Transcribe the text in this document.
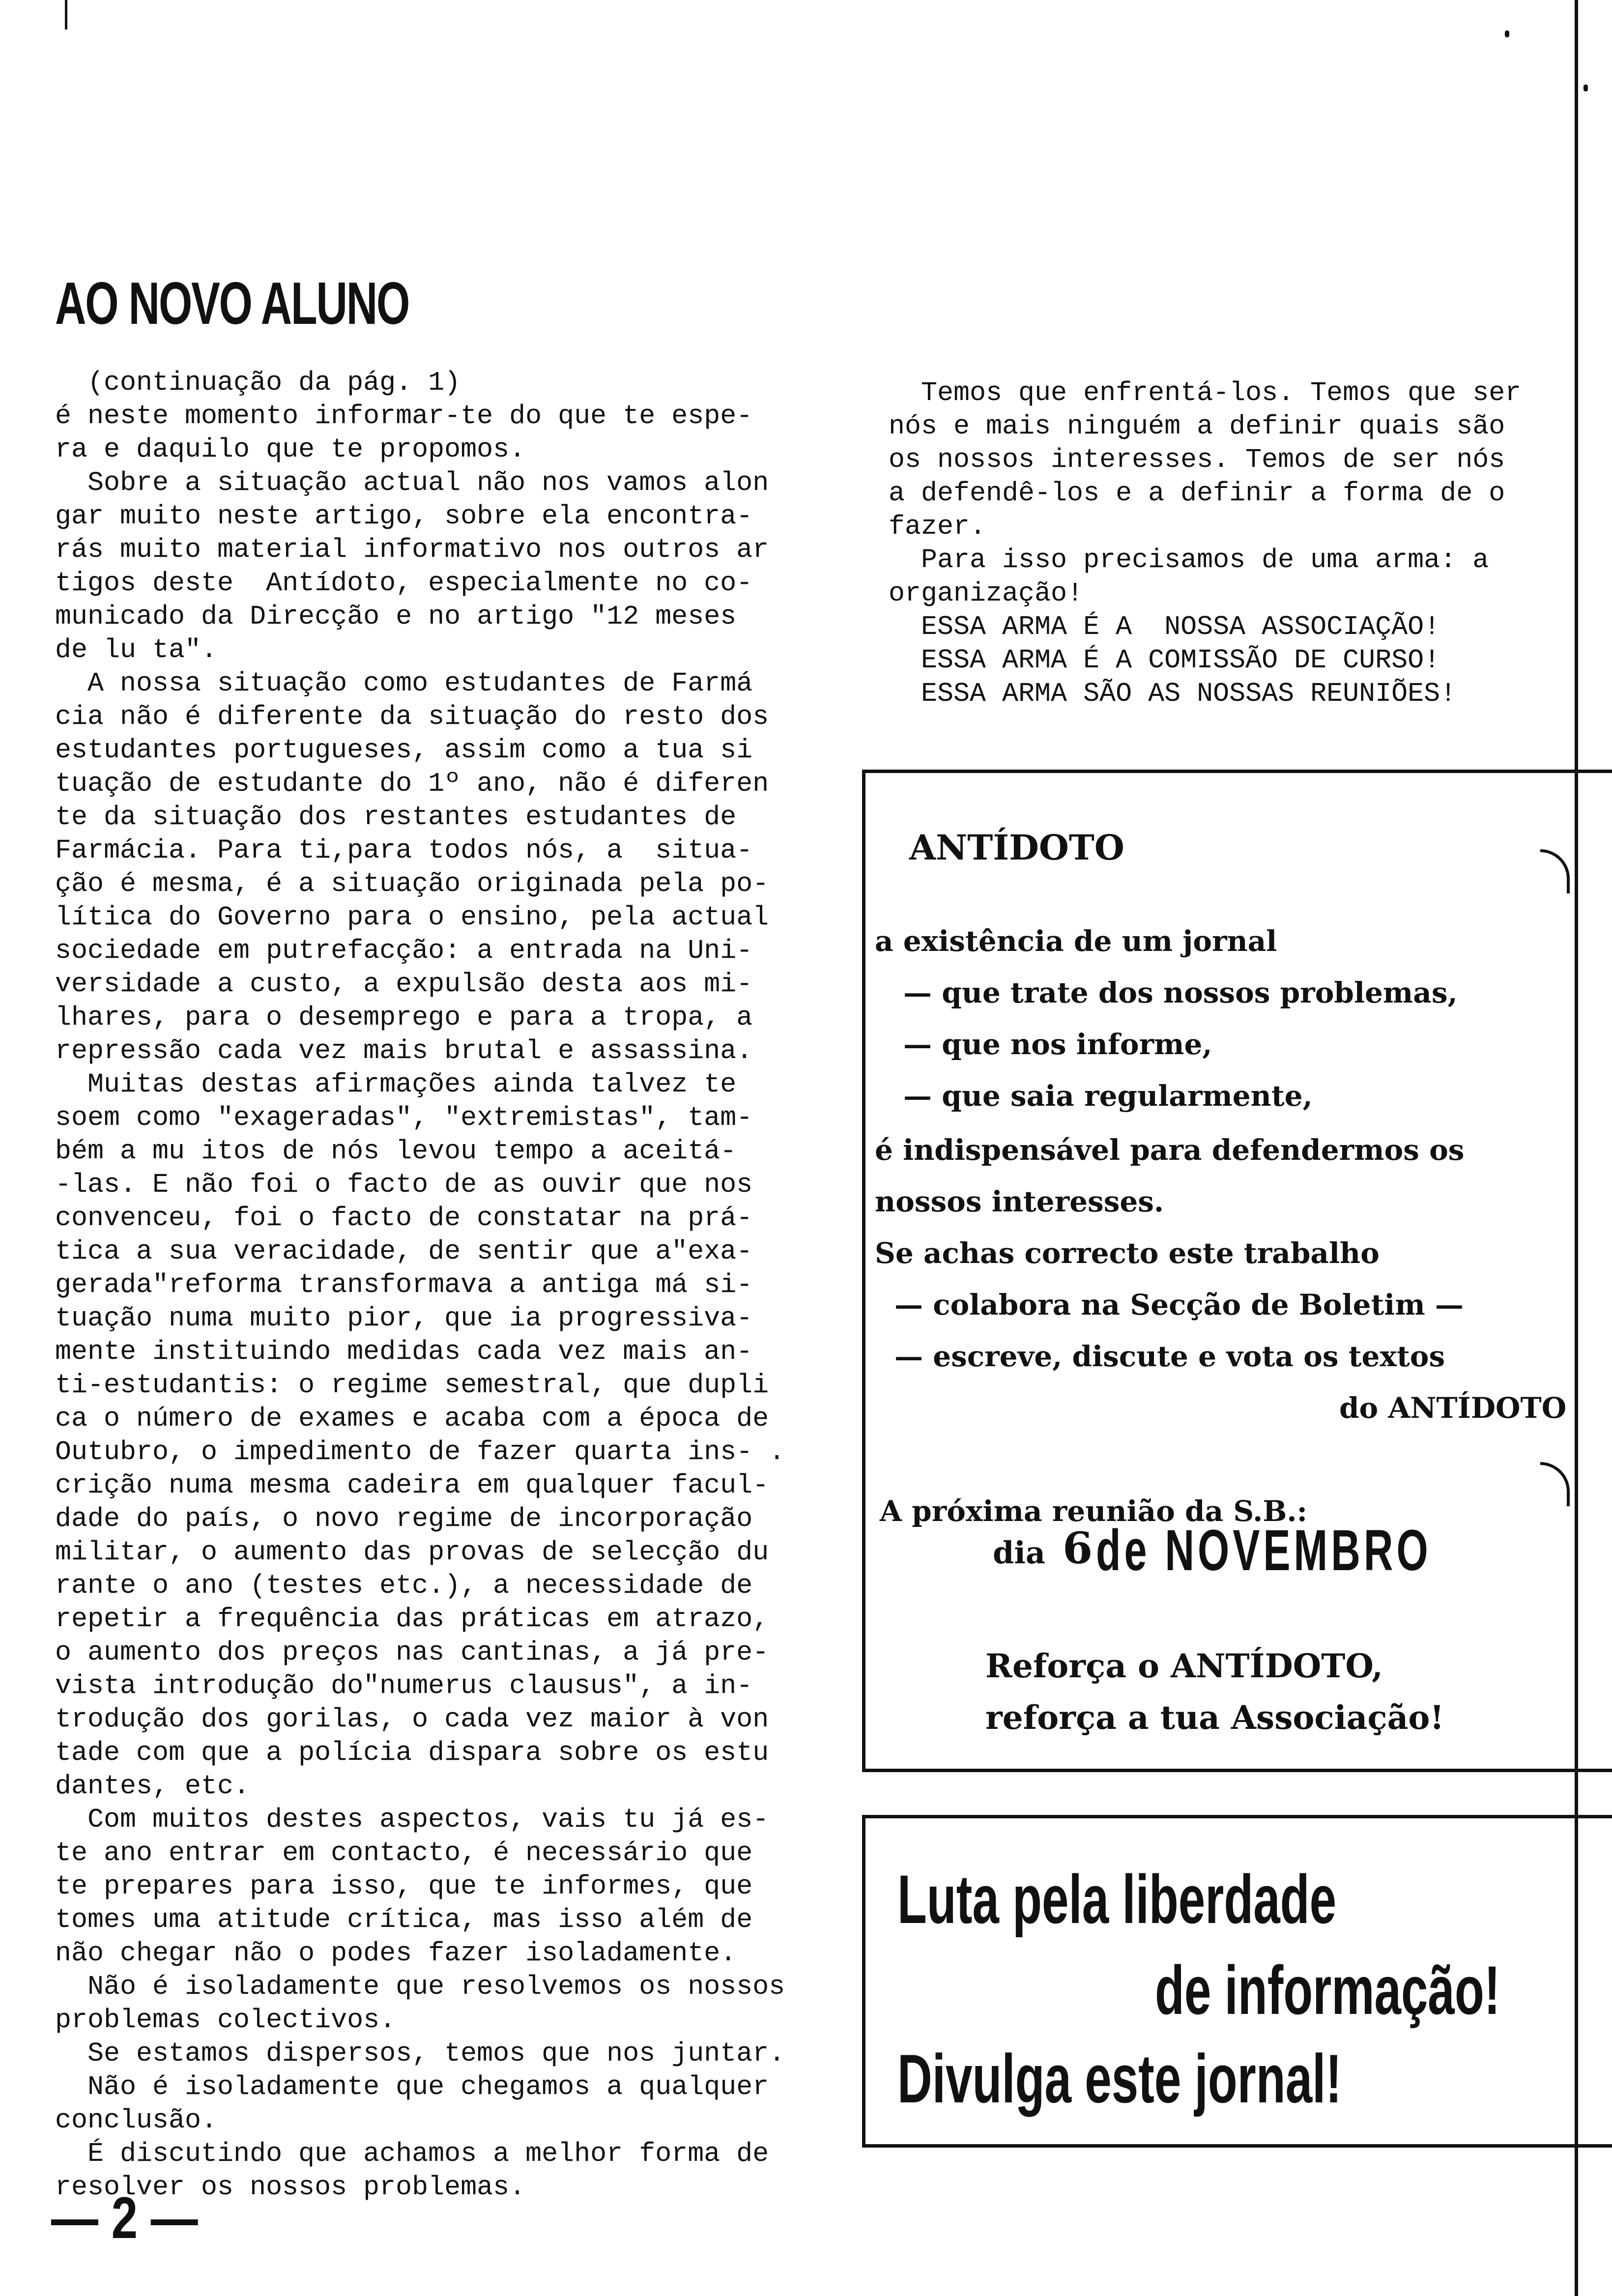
AO NOVO ALUNO
(continuação da pág. 1)
é neste momento informar-te do que te espe-
ra e daquilo que te propomos.
Sobre a situação actual não nos vamos alon
gar muito neste artigo, sobre ela encontra-
rás muito material informativo nos outros ar
tigos deste  Antídoto, especialmente no co-
municado da Direcção e no artigo "12 meses
de lu ta".
A nossa situação como estudantes de Farmá
cia não é diferente da situação do resto dos
estudantes portugueses, assim como a tua si
tuação de estudante do 1º ano, não é diferen
te da situação dos restantes estudantes de
Farmácia. Para ti,para todos nós, a  situa-
ção é mesma, é a situação originada pela po-
lítica do Governo para o ensino, pela actual
sociedade em putrefacção: a entrada na Uni-
versidade a custo, a expulsão desta aos mi-
lhares, para o desemprego e para a tropa, a
repressão cada vez mais brutal e assassina.
Muitas destas afirmações ainda talvez te
soem como "exageradas", "extremistas", tam-
bém a mu itos de nós levou tempo a aceitá-
-las. E não foi o facto de as ouvir que nos
convenceu, foi o facto de constatar na prá-
tica a sua veracidade, de sentir que a"exa-
gerada"reforma transformava a antiga má si-
tuação numa muito pior, que ia progressiva-
mente instituindo medidas cada vez mais an-
ti-estudantis: o regime semestral, que dupli
ca o número de exames e acaba com a época de
Outubro, o impedimento de fazer quarta ins- .
crição numa mesma cadeira em qualquer facul-
dade do país, o novo regime de incorporação
militar, o aumento das provas de selecção du
rante o ano (testes etc.), a necessidade de
repetir a frequência das práticas em atrazo,
o aumento dos preços nas cantinas, a já pre-
vista introdução do"numerus clausus", a in-
trodução dos gorilas, o cada vez maior à von
tade com que a polícia dispara sobre os estu
dantes, etc.
Com muitos destes aspectos, vais tu já es-
te ano entrar em contacto, é necessário que
te prepares para isso, que te informes, que
tomes uma atitude crítica, mas isso além de
não chegar não o podes fazer isoladamente.
Não é isoladamente que resolvemos os nossos
problemas colectivos.
Se estamos dispersos, temos que nos juntar.
Não é isoladamente que chegamos a qualquer
conclusão.
É discutindo que achamos a melhor forma de
resolver os nossos problemas.
Temos que enfrentá-los. Temos que ser
nós e mais ninguém a definir quais são
os nossos interesses. Temos de ser nós
a defendê-los e a definir a forma de o
fazer.
Para isso precisamos de uma arma: a
organização!
ESSA ARMA É A  NOSSA ASSOCIAÇÃO!
ESSA ARMA É A COMISSÃO DE CURSO!
ESSA ARMA SÃO AS NOSSAS REUNIÕES!
ANTÍDOTO
a existência de um jornal
— que trate dos nossos problemas,
— que nos informe,
— que saia regularmente,
é indispensável para defendermos os
nossos interesses.
Se achas correcto este trabalho
— colabora na Secção de Boletim —
— escreve, discute e vota os textos
do ANTÍDOTO
A próxima reunião da S.B.:
dia 6 de NOVEMBRO
Reforça o ANTÍDOTO,
reforça a tua Associação!
Luta pela liberdade
de informação!
Divulga este jornal!
— 2 —
